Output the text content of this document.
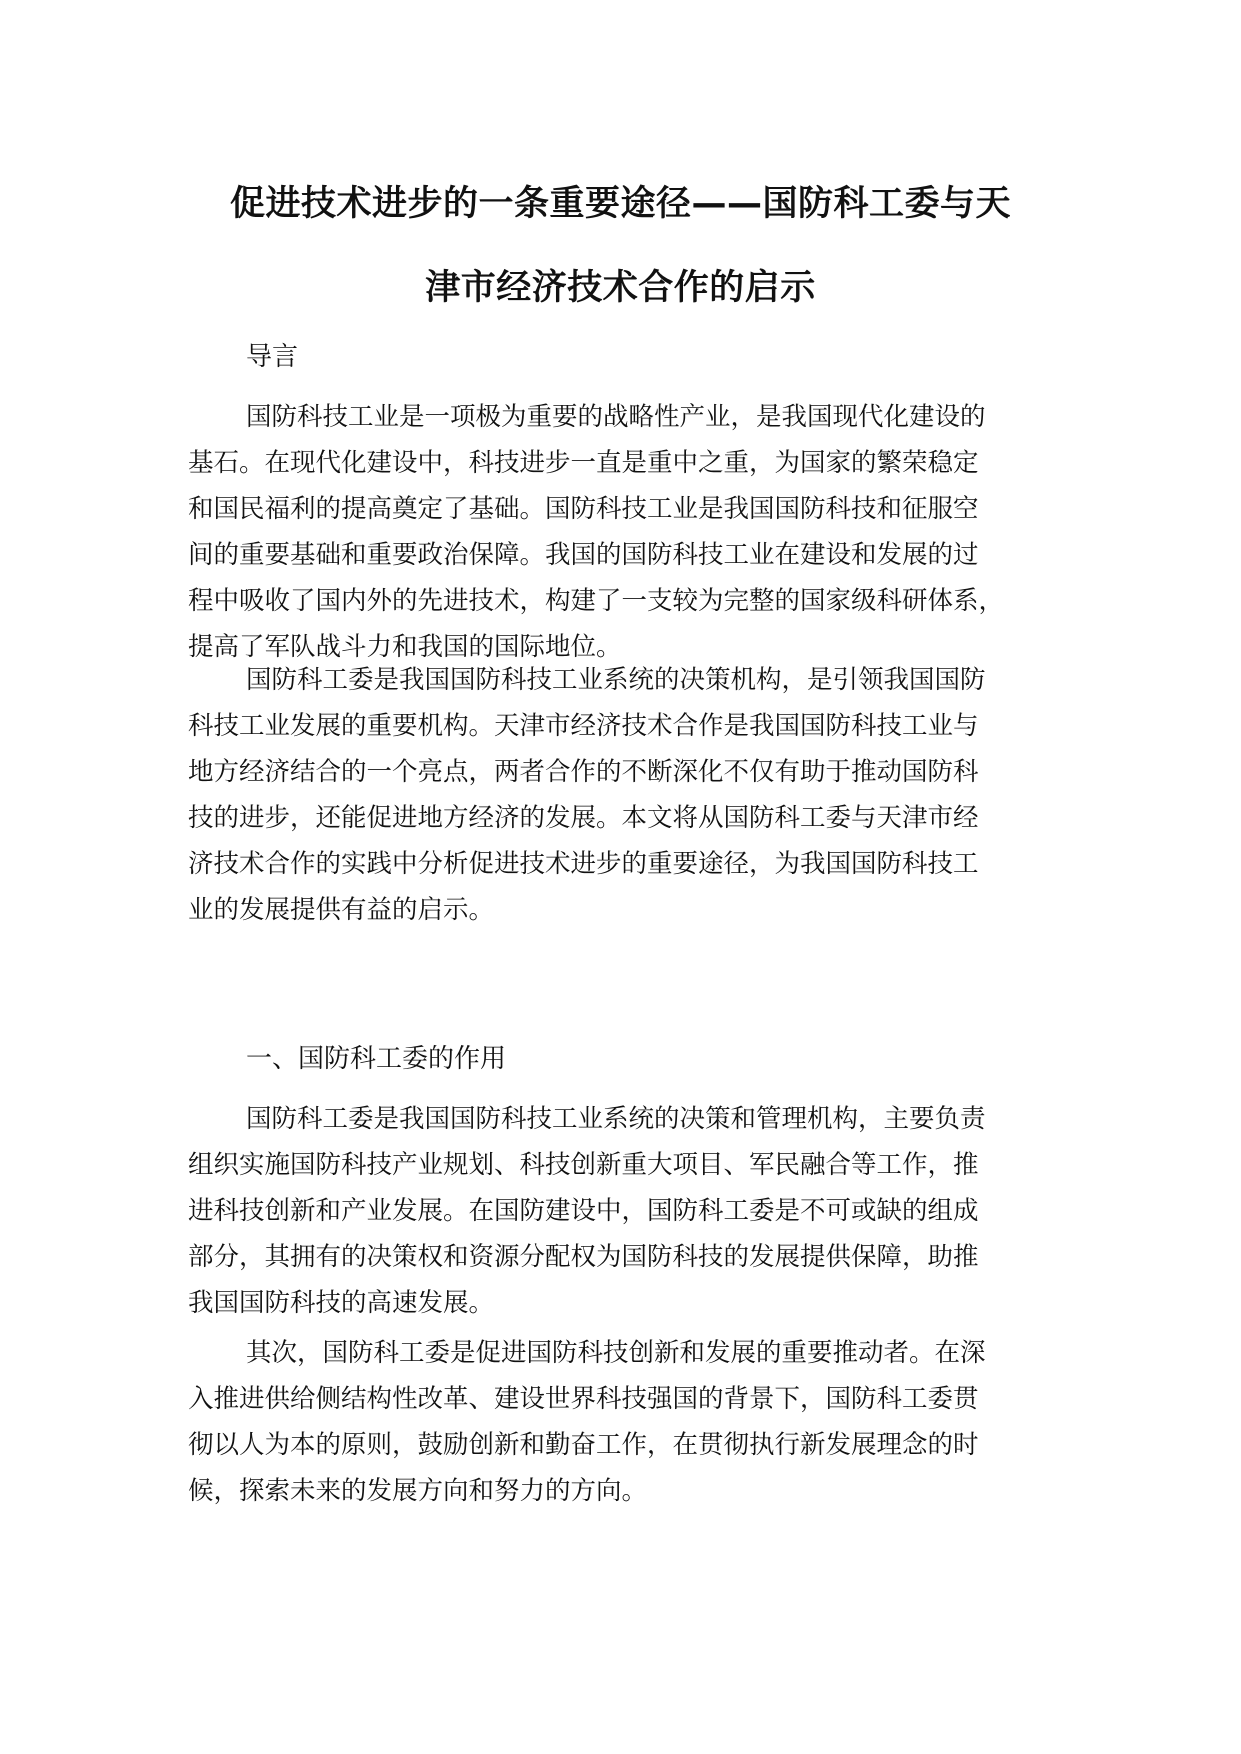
促进技术进步的一条重要途径——国防科工委与天
津市经济技术合作的启示

导言

国防科技工业是一项极为重要的战略性产业，是我国现代化建设的
基石。在现代化建设中，科技进步一直是重中之重，为国家的繁荣稳定
和国民福利的提高奠定了基础。国防科技工业是我国国防科技和征服空
间的重要基础和重要政治保障。我国的国防科技工业在建设和发展的过
程中吸收了国内外的先进技术，构建了一支较为完整的国家级科研体系，
提高了军队战斗力和我国的国际地位。
国防科工委是我国国防科技工业系统的决策机构，是引领我国国防
科技工业发展的重要机构。天津市经济技术合作是我国国防科技工业与
地方经济结合的一个亮点，两者合作的不断深化不仅有助于推动国防科
技的进步，还能促进地方经济的发展。本文将从国防科工委与天津市经
济技术合作的实践中分析促进技术进步的重要途径，为我国国防科技工
业的发展提供有益的启示。

一、国防科工委的作用

国防科工委是我国国防科技工业系统的决策和管理机构，主要负责
组织实施国防科技产业规划、科技创新重大项目、军民融合等工作，推
进科技创新和产业发展。在国防建设中，国防科工委是不可或缺的组成
部分，其拥有的决策权和资源分配权为国防科技的发展提供保障，助推
我国国防科技的高速发展。
其次，国防科工委是促进国防科技创新和发展的重要推动者。在深
入推进供给侧结构性改革、建设世界科技强国的背景下，国防科工委贯
彻以人为本的原则，鼓励创新和勤奋工作，在贯彻执行新发展理念的时
候，探索未来的发展方向和努力的方向。
